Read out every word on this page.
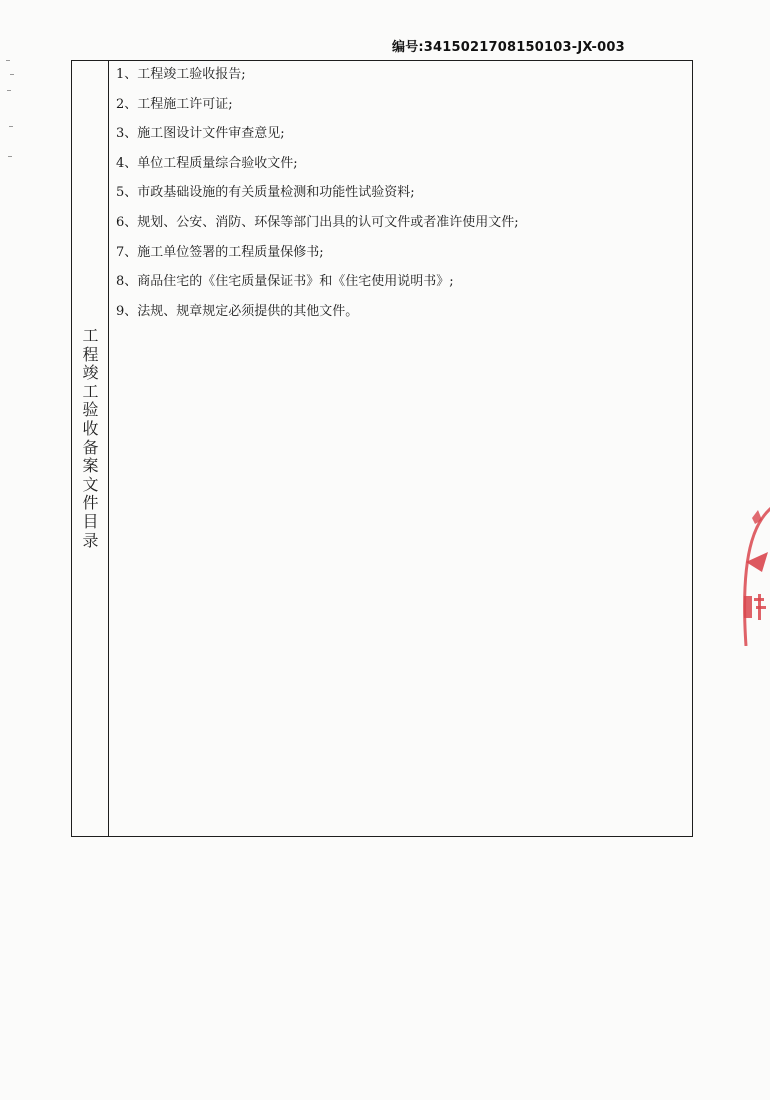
编号:3415021708150103-JX-003
工
程
竣
工
验
收
备
案
文
件
目
录
1、工程竣工验收报告;
2、工程施工许可证;
3、施工图设计文件审查意见;
4、单位工程质量综合验收文件;
5、市政基础设施的有关质量检测和功能性试验资料;
6、规划、公安、消防、环保等部门出具的认可文件或者准许使用文件;
7、施工单位签署的工程质量保修书;
8、商品住宅的《住宅质量保证书》和《住宅使用说明书》;
9、法规、规章规定必须提供的其他文件。
